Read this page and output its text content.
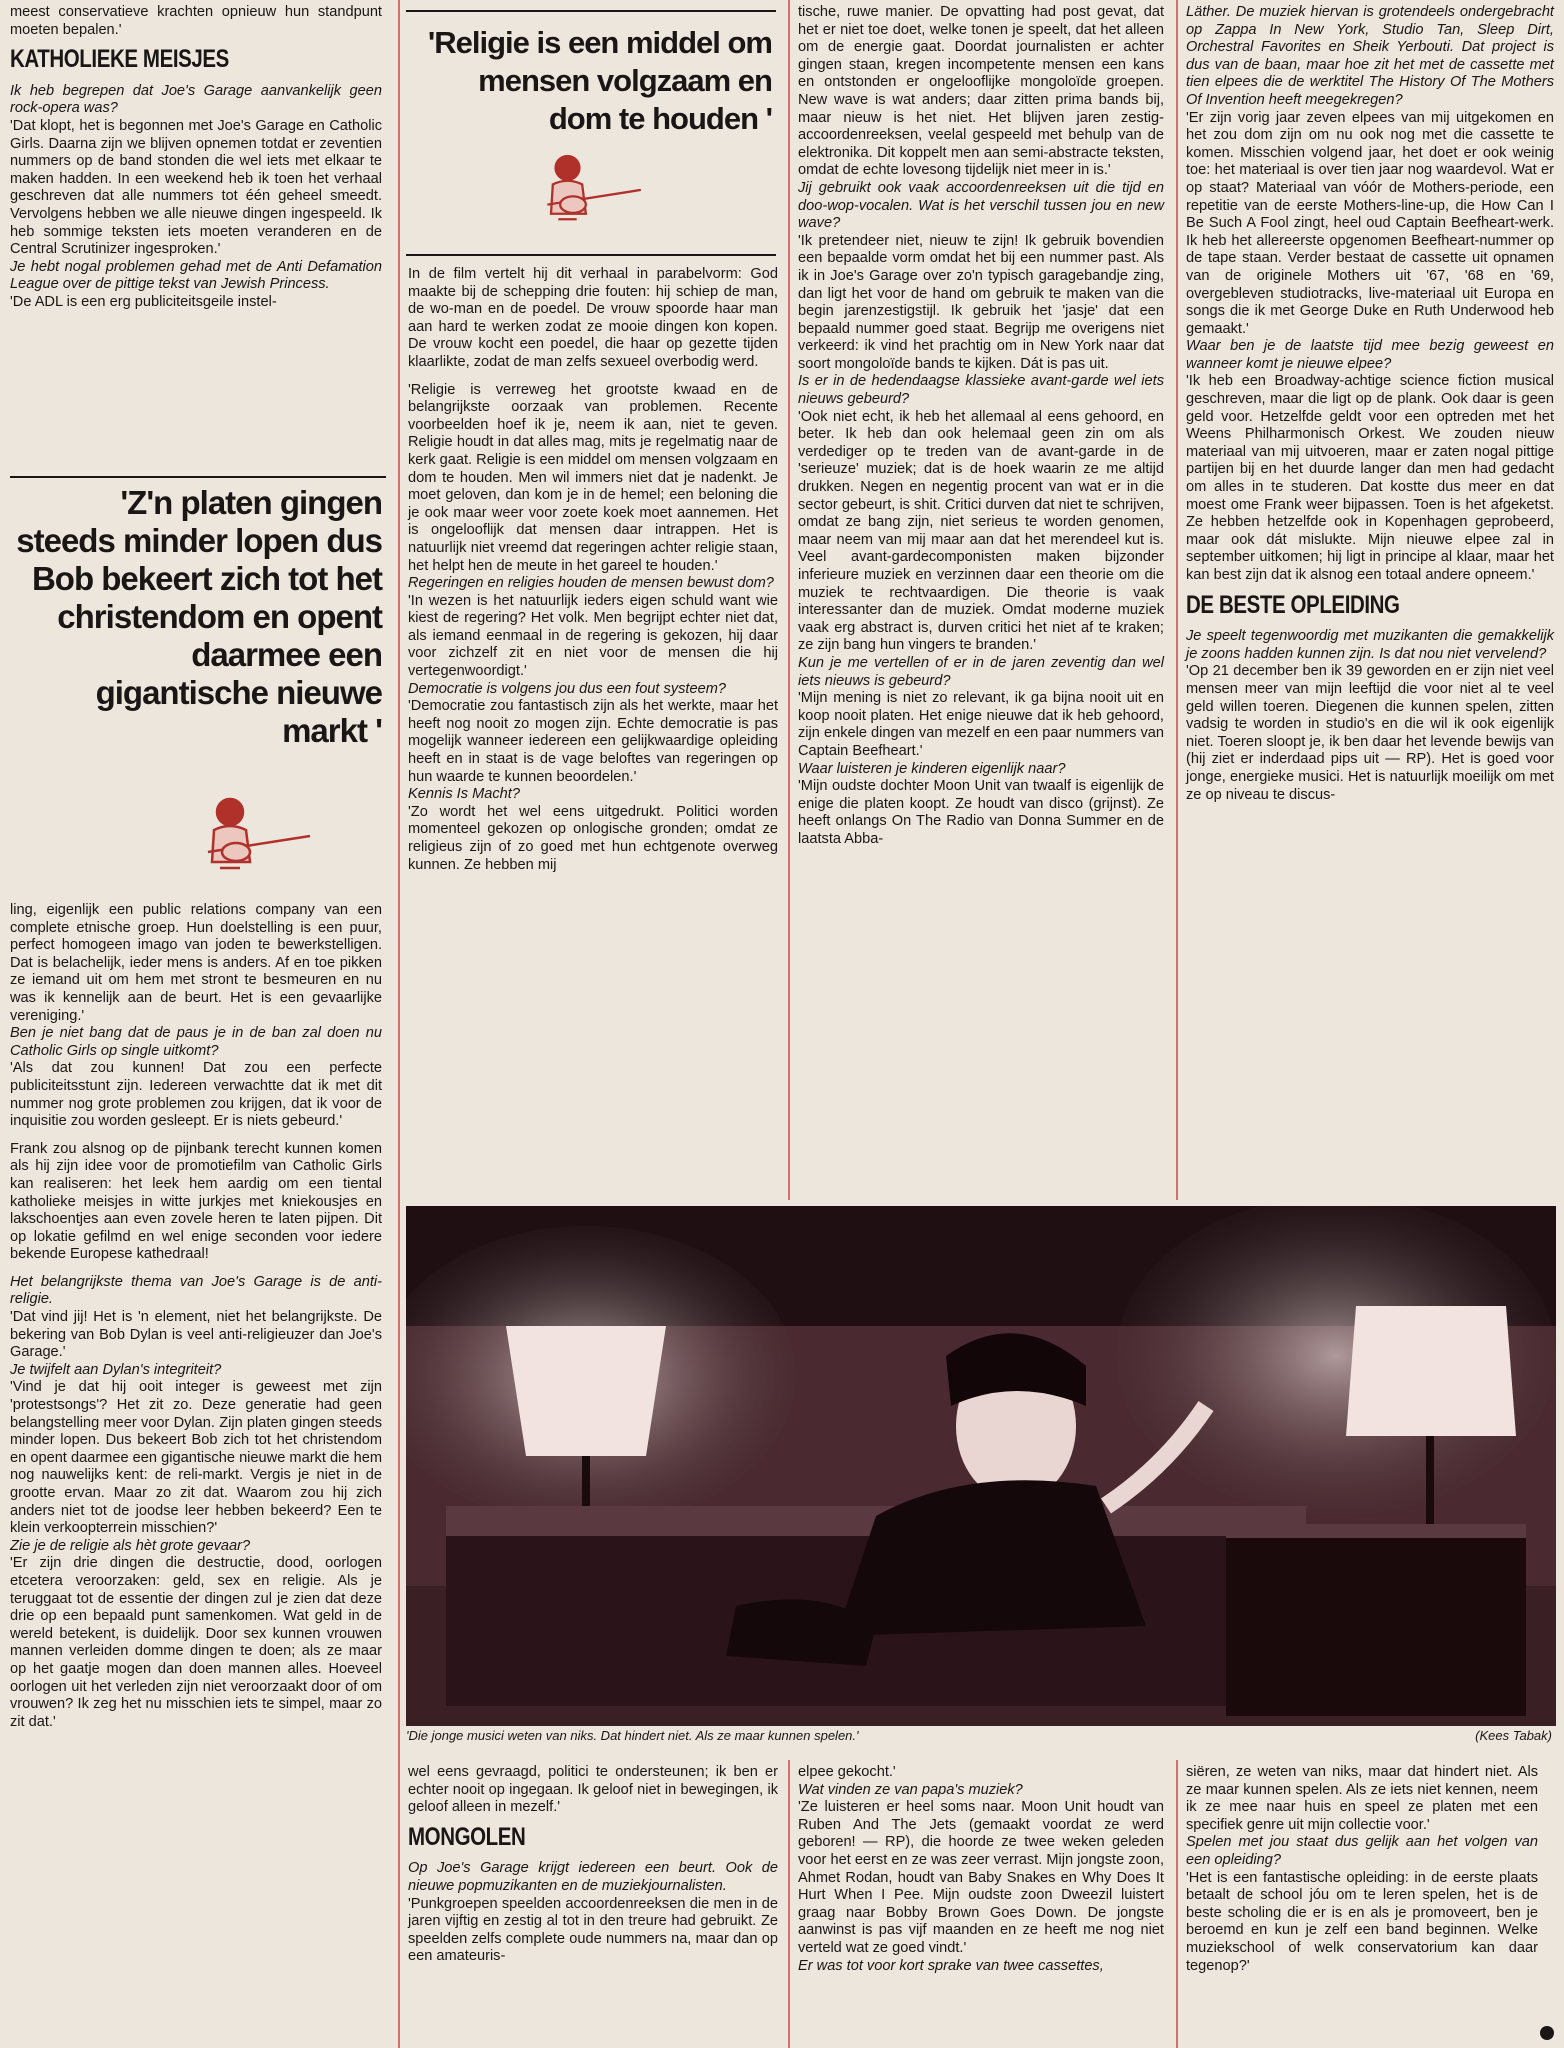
meest conservatieve krachten opnieuw hun standpunt moeten bepalen.'

KATHOLIEKE MEISJES

Ik heb begrepen dat Joe's Garage aanvankelijk geen rock-opera was?

'Dat klopt, het is begonnen met Joe's Garage en Catholic Girls. Daarna zijn we blijven opnemen totdat er zeventien nummers op de band stonden die wel iets met elkaar te maken hadden. In een weekend heb ik toen het verhaal geschreven dat alle nummers tot één geheel smeedt. Vervolgens hebben we alle nieuwe dingen ingespeeld. Ik heb sommige teksten iets moeten veranderen en de Central Scrutinizer ingesproken.'

Je hebt nogal problemen gehad met de Anti Defamation League over de pittige tekst van Jewish Princess.

'De ADL is een erg publiciteitsgeile instel-

'Z'n platen gingen steeds minder lopen dus Bob bekeert zich tot het christendom en opent daarmee een gigantische nieuwe markt '

ling, eigenlijk een public relations company van een complete etnische groep. Hun doelstelling is een puur, perfect homogeen imago van joden te bewerkstelligen. Dat is belachelijk, ieder mens is anders. Af en toe pikken ze iemand uit om hem met stront te besmeuren en nu was ik kennelijk aan de beurt. Het is een gevaarlijke vereniging.'

Ben je niet bang dat de paus je in de ban zal doen nu Catholic Girls op single uitkomt?

'Als dat zou kunnen! Dat zou een perfecte publiciteitsstunt zijn. Iedereen verwachtte dat ik met dit nummer nog grote problemen zou krijgen, dat ik voor de inquisitie zou worden gesleept. Er is niets gebeurd.'

Frank zou alsnog op de pijnbank terecht kunnen komen als hij zijn idee voor de promotiefilm van Catholic Girls kan realiseren: het leek hem aardig om een tiental katholieke meisjes in witte jurkjes met kniekousjes en lakschoentjes aan even zovele heren te laten pijpen. Dit op lokatie gefilmd en wel enige seconden voor iedere bekende Europese kathedraal!

Het belangrijkste thema van Joe's Garage is de anti-religie.

'Dat vind jij! Het is 'n element, niet het belangrijkste. De bekering van Bob Dylan is veel anti-religieuzer dan Joe's Garage.'

Je twijfelt aan Dylan's integriteit?

'Vind je dat hij ooit integer is geweest met zijn 'protestsongs'? Het zit zo. Deze generatie had geen belangstelling meer voor Dylan. Zijn platen gingen steeds minder lopen. Dus bekeert Bob zich tot het christendom en opent daarmee een gigantische nieuwe markt die hem nog nauwelijks kent: de reli-markt. Vergis je niet in de grootte ervan. Maar zo zit dat. Waarom zou hij zich anders niet tot de joodse leer hebben bekeerd? Een te klein verkoopterrein misschien?'

Zie je de religie als hèt grote gevaar?

'Er zijn drie dingen die destructie, dood, oorlogen etcetera veroorzaken: geld, sex en religie. Als je teruggaat tot de essentie der dingen zul je zien dat deze drie op een bepaald punt samenkomen. Wat geld in de wereld betekent, is duidelijk. Door sex kunnen vrouwen mannen verleiden domme dingen te doen; als ze maar op het gaatje mogen dan doen mannen alles. Hoeveel oorlogen uit het verleden zijn niet veroorzaakt door of om vrouwen? Ik zeg het nu misschien iets te simpel, maar zo zit dat.'

'Religie is een middel om mensen volgzaam en dom te houden '

In de film vertelt hij dit verhaal in parabelvorm: God maakte bij de schepping drie fouten: hij schiep de man, de wo-man en de poedel. De vrouw spoorde haar man aan hard te werken zodat ze mooie dingen kon kopen. De vrouw kocht een poedel, die haar op gezette tijden klaarlikte, zodat de man zelfs sexueel overbodig werd.

'Religie is verreweg het grootste kwaad en de belangrijkste oorzaak van problemen. Recente voorbeelden hoef ik je, neem ik aan, niet te geven. Religie houdt in dat alles mag, mits je regelmatig naar de kerk gaat. Religie is een middel om mensen volgzaam en dom te houden. Men wil immers niet dat je nadenkt. Je moet geloven, dan kom je in de hemel; een beloning die je ook maar weer voor zoete koek moet aannemen. Het is ongelooflijk dat mensen daar intrappen. Het is natuurlijk niet vreemd dat regeringen achter religie staan, het helpt hen de meute in het gareel te houden.'

Regeringen en religies houden de mensen bewust dom?

'In wezen is het natuurlijk ieders eigen schuld want wie kiest de regering? Het volk. Men begrijpt echter niet dat, als iemand eenmaal in de regering is gekozen, hij daar voor zichzelf zit en niet voor de mensen die hij vertegenwoordigt.'

Democratie is volgens jou dus een fout systeem?

'Democratie zou fantastisch zijn als het werkte, maar het heeft nog nooit zo mogen zijn. Echte democratie is pas mogelijk wanneer iedereen een gelijkwaardige opleiding heeft en in staat is de vage beloftes van regeringen op hun waarde te kunnen beoordelen.'

Kennis Is Macht?

'Zo wordt het wel eens uitgedrukt. Politici worden momenteel gekozen op onlogische gronden; omdat ze religieus zijn of zo goed met hun echtgenote overweg kunnen. Ze hebben mij

tische, ruwe manier. De opvatting had post gevat, dat het er niet toe doet, welke tonen je speelt, dat het alleen om de energie gaat. Doordat journalisten er achter gingen staan, kregen incompetente mensen een kans en ontstonden er ongelooflijke mongoloïde groepen. New wave is wat anders; daar zitten prima bands bij, maar nieuw is het niet. Het blijven jaren zestig-accoordenreeksen, veelal gespeeld met behulp van de elektronika. Dit koppelt men aan semi-abstracte teksten, omdat de echte lovesong tijdelijk niet meer in is.'

Jij gebruikt ook vaak accoordenreeksen uit die tijd en doo-wop-vocalen. Wat is het verschil tussen jou en new wave?

'Ik pretendeer niet, nieuw te zijn! Ik gebruik bovendien een bepaalde vorm omdat het bij een nummer past. Als ik in Joe's Garage over zo'n typisch garagebandje zing, dan ligt het voor de hand om gebruik te maken van die begin jarenzestigstijl. Ik gebruik het 'jasje' dat een bepaald nummer goed staat. Begrijp me overigens niet verkeerd: ik vind het prachtig om in New York naar dat soort mongoloïde bands te kijken. Dát is pas uit.

Is er in de hedendaagse klassieke avant-garde wel iets nieuws gebeurd?

'Ook niet echt, ik heb het allemaal al eens gehoord, en beter. Ik heb dan ook helemaal geen zin om als verdediger op te treden van de avant-garde in de 'serieuze' muziek; dat is de hoek waarin ze me altijd drukken. Negen en negentig procent van wat er in die sector gebeurt, is shit. Critici durven dat niet te schrijven, omdat ze bang zijn, niet serieus te worden genomen, maar neem van mij maar aan dat het merendeel kut is. Veel avant-gardecomponisten maken bijzonder inferieure muziek en verzinnen daar een theorie om die muziek te rechtvaardigen. Die theorie is vaak interessanter dan de muziek. Omdat moderne muziek vaak erg abstract is, durven critici het niet af te kraken; ze zijn bang hun vingers te branden.'

Kun je me vertellen of er in de jaren zeventig dan wel iets nieuws is gebeurd?

'Mijn mening is niet zo relevant, ik ga bijna nooit uit en koop nooit platen. Het enige nieuwe dat ik heb gehoord, zijn enkele dingen van mezelf en een paar nummers van Captain Beefheart.'

Waar luisteren je kinderen eigenlijk naar?

'Mijn oudste dochter Moon Unit van twaalf is eigenlijk de enige die platen koopt. Ze houdt van disco (grijnst). Ze heeft onlangs On The Radio van Donna Summer en de laatsta Abba-

Läther. De muziek hiervan is grotendeels ondergebracht op Zappa In New York, Studio Tan, Sleep Dirt, Orchestral Favorites en Sheik Yerbouti. Dat project is dus van de baan, maar hoe zit het met de cassette met tien elpees die de werktitel The History Of The Mothers Of Invention heeft meegekregen?

'Er zijn vorig jaar zeven elpees van mij uitgekomen en het zou dom zijn om nu ook nog met die cassette te komen. Misschien volgend jaar, het doet er ook weinig toe: het materiaal is over tien jaar nog waardevol. Wat er op staat? Materiaal van vóór de Mothers-periode, een repetitie van de eerste Mothers-line-up, die How Can I Be Such A Fool zingt, heel oud Captain Beefheart-werk. Ik heb het allereerste opgenomen Beefheart-nummer op de tape staan. Verder bestaat de cassette uit opnamen van de originele Mothers uit '67, '68 en '69, overgebleven studiotracks, live-materiaal uit Europa en songs die ik met George Duke en Ruth Underwood heb gemaakt.'

Waar ben je de laatste tijd mee bezig geweest en wanneer komt je nieuwe elpee?

'Ik heb een Broadway-achtige science fiction musical geschreven, maar die ligt op de plank. Ook daar is geen geld voor. Hetzelfde geldt voor een optreden met het Weens Philharmonisch Orkest. We zouden nieuw materiaal van mij uitvoeren, maar er zaten nogal pittige partijen bij en het duurde langer dan men had gedacht om alles in te studeren. Dat kostte dus meer en dat moest ome Frank weer bijpassen. Toen is het afgeketst. Ze hebben hetzelfde ook in Kopenhagen geprobeerd, maar ook dát mislukte. Mijn nieuwe elpee zal in september uitkomen; hij ligt in principe al klaar, maar het kan best zijn dat ik alsnog een totaal andere opneem.'

DE BESTE OPLEIDING

Je speelt tegenwoordig met muzikanten die gemakkelijk je zoons hadden kunnen zijn. Is dat nou niet vervelend?

'Op 21 december ben ik 39 geworden en er zijn niet veel mensen meer van mijn leeftijd die voor niet al te veel geld willen toeren. Diegenen die kunnen spelen, zitten vadsig te worden in studio's en die wil ik ook eigenlijk niet. Toeren sloopt je, ik ben daar het levende bewijs van (hij ziet er inderdaad pips uit — RP). Het is goed voor jonge, energieke musici. Het is natuurlijk moeilijk om met ze op niveau te discus-

'Die jonge musici weten van niks. Dat hindert niet. Als ze maar kunnen spelen.'	(Kees Tabak)

wel eens gevraagd, politici te ondersteunen; ik ben er echter nooit op ingegaan. Ik geloof niet in bewegingen, ik geloof alleen in mezelf.'

MONGOLEN

Op Joe's Garage krijgt iedereen een beurt. Ook de nieuwe popmuzikanten en de muziekjournalisten.

'Punkgroepen speelden accoordenreeksen die men in de jaren vijftig en zestig al tot in den treure had gebruikt. Ze speelden zelfs complete oude nummers na, maar dan op een amateuris-

elpee gekocht.'

Wat vinden ze van papa's muziek?

'Ze luisteren er heel soms naar. Moon Unit houdt van Ruben And The Jets (gemaakt voordat ze werd geboren! — RP), die hoorde ze twee weken geleden voor het eerst en ze was zeer verrast. Mijn jongste zoon, Ahmet Rodan, houdt van Baby Snakes en Why Does It Hurt When I Pee. Mijn oudste zoon Dweezil luistert graag naar Bobby Brown Goes Down. De jongste aanwinst is pas vijf maanden en ze heeft me nog niet verteld wat ze goed vindt.'

Er was tot voor kort sprake van twee cassettes,

siëren, ze weten van niks, maar dat hindert niet. Als ze maar kunnen spelen. Als ze iets niet kennen, neem ik ze mee naar huis en speel ze platen met een specifiek genre uit mijn collectie voor.'

Spelen met jou staat dus gelijk aan het volgen van een opleiding?

'Het is een fantastische opleiding: in de eerste plaats betaalt de school jóu om te leren spelen, het is de beste scholing die er is en als je promoveert, ben je beroemd en kun je zelf een band beginnen. Welke muziekschool of welk conservatorium kan daar tegenop?'
